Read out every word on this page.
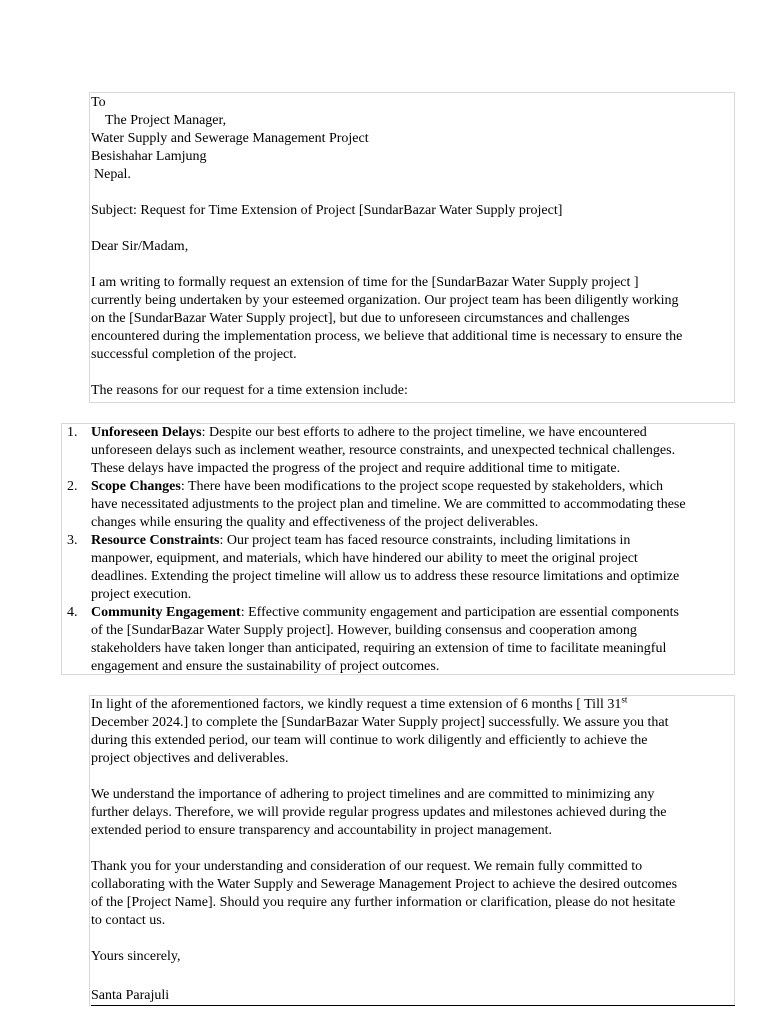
To

The Project Manager,

Water Supply and Sewerage Management Project

Besishahar Lamjung

Nepal.

Subject: Request for Time Extension of Project [SundarBazar Water Supply project]

Dear Sir/Madam,

I am writing to formally request an extension of time for the [SundarBazar Water Supply project ]

currently being undertaken by your esteemed organization. Our project team has been diligently working

on the [SundarBazar Water Supply project], but due to unforeseen circumstances and challenges

encountered during the implementation process, we believe that additional time is necessary to ensure the

successful completion of the project.

The reasons for our request for a time extension include:

1. Unforeseen Delays: Despite our best efforts to adhere to the project timeline, we have encountered
unforeseen delays such as inclement weather, resource constraints, and unexpected technical challenges.
These delays have impacted the progress of the project and require additional time to mitigate.
2. Scope Changes: There have been modifications to the project scope requested by stakeholders, which
have necessitated adjustments to the project plan and timeline. We are committed to accommodating these
changes while ensuring the quality and effectiveness of the project deliverables.
3. Resource Constraints: Our project team has faced resource constraints, including limitations in
manpower, equipment, and materials, which have hindered our ability to meet the original project
deadlines. Extending the project timeline will allow us to address these resource limitations and optimize
project execution.
4. Community Engagement: Effective community engagement and participation are essential components
of the [SundarBazar Water Supply project]. However, building consensus and cooperation among
stakeholders have taken longer than anticipated, requiring an extension of time to facilitate meaningful
engagement and ensure the sustainability of project outcomes.

In light of the aforementioned factors, we kindly request a time extension of 6 months [ Till 31st

December 2024.] to complete the [SundarBazar Water Supply project] successfully. We assure you that

during this extended period, our team will continue to work diligently and efficiently to achieve the

project objectives and deliverables.

We understand the importance of adhering to project timelines and are committed to minimizing any

further delays. Therefore, we will provide regular progress updates and milestones achieved during the

extended period to ensure transparency and accountability in project management.

Thank you for your understanding and consideration of our request. We remain fully committed to

collaborating with the Water Supply and Sewerage Management Project to achieve the desired outcomes

of the [Project Name]. Should you require any further information or clarification, please do not hesitate

to contact us.

Yours sincerely,

Santa Parajuli
